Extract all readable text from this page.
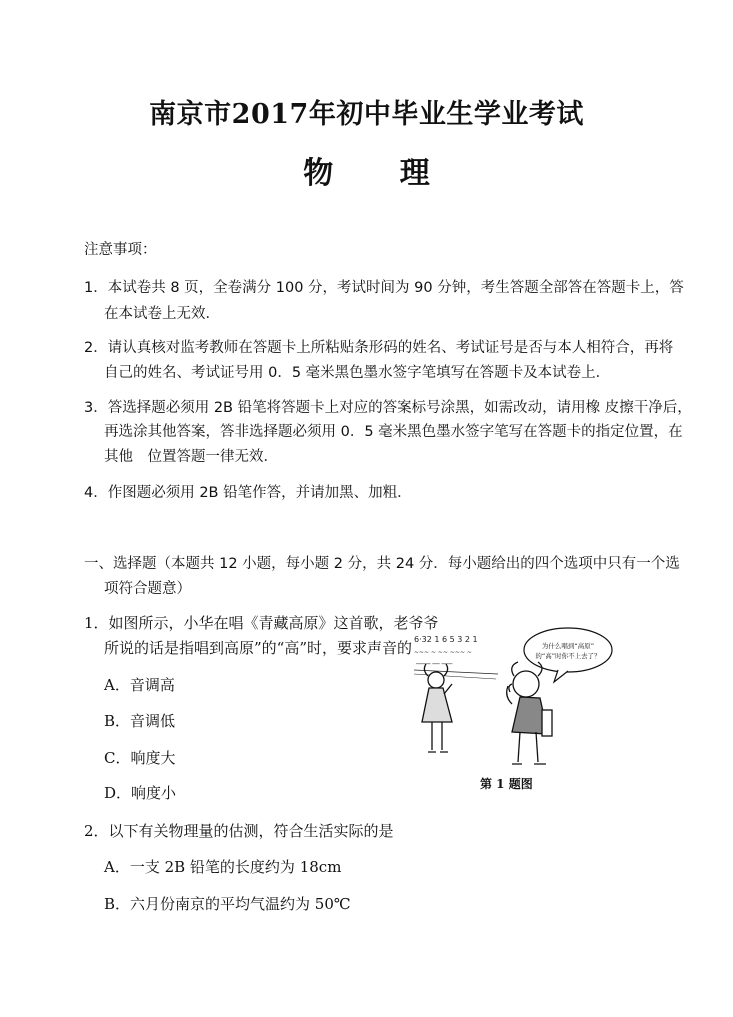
南京市2017年初中毕业生学业考试
物 理
注意事项：
1．本试卷共 8 页，全卷满分 100 分，考试时间为 90 分钟，考生答题全部答在答题卡上，答
在本试卷上无效．
2．请认真核对监考教师在答题卡上所粘贴条形码的姓名、考试证号是否与本人相符合，再将
自己的姓名、考试证号用 0．5 毫米黑色墨水签字笔填写在答题卡及本试卷上．
3．答选择题必须用 2B 铅笔将答题卡上对应的答案标号涂黑，如需改动，请用橡 皮擦干净后，
再选涂其他答案，答非选择题必须用 0．5 毫米黑色墨水签字笔写在答题卡的指定位置，在
其他　位置答题一律无效．
4．作图题必须用 2B 铅笔作答，并请加黑、加粗．
一、选择题（本题共 12 小题，每小题 2 分，共 24 分．每小题给出的四个选项中只有一个选
项符合题意）
1．如图所示，小华在唱《青藏高原》这首歌，老爷爷
所说的话是指唱到高原”的“高”时，要求声音的
A．音调高
B．音调低
C．响度大
D．响度小
6·32 1 6 5 3 2 1
~~~ ~ ~~ ~~~ ~
──── ── ───
为什么唱到“高原”
的“高”时你不上去了？
第 1 题图
2．以下有关物理量的估测，符合生活实际的是
A．一支 2B 铅笔的长度约为 18cm
B．六月份南京的平均气温约为 50℃
